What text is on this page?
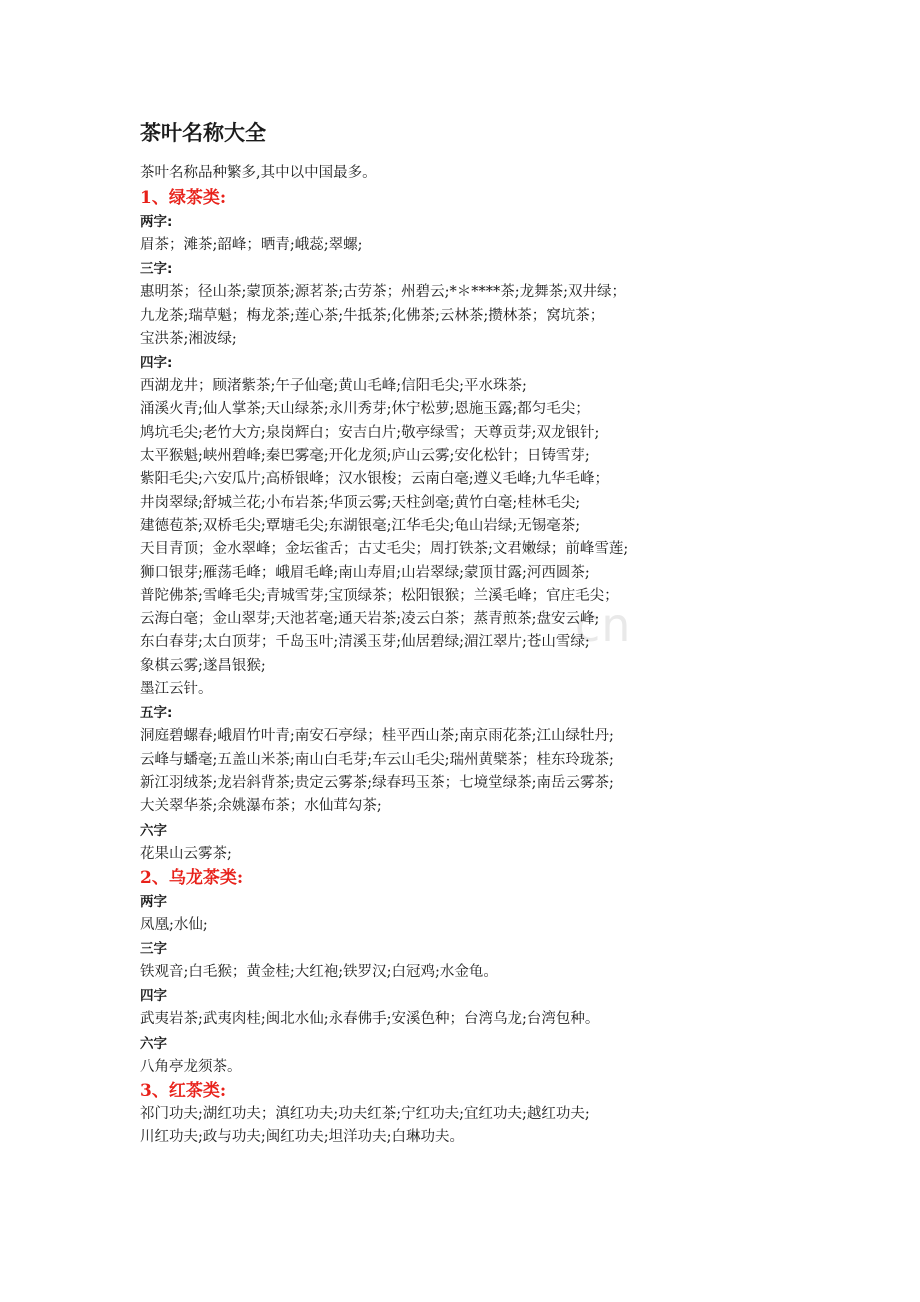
cn
茶叶名称大全

茶叶名称品种繁多,其中以中国最多。

1、绿茶类:
两字:
眉茶；滩茶;韶峰；晒青;峨蕊;翠螺;
三字:
惠明茶；径山茶;蒙顶茶;源茗茶;古劳茶；州碧云;*＊****茶;龙舞茶;双井绿；
九龙茶;瑞草魁；梅龙茶;莲心茶;牛抵茶;化佛茶;云林茶;攒林茶；窝坑茶；
宝洪茶;湘波绿;
四字:
西湖龙井；顾渚紫茶;午子仙毫;黄山毛峰;信阳毛尖;平水珠茶;
涌溪火青;仙人掌茶;天山绿茶;永川秀芽;休宁松萝;恩施玉露;都匀毛尖；
鸠坑毛尖;老竹大方;泉岗辉白；安吉白片;敬亭绿雪；天尊贡芽;双龙银针;
太平猴魁;峡州碧峰;秦巴雾毫;开化龙须;庐山云雾;安化松针；日铸雪芽;
紫阳毛尖;六安瓜片;高桥银峰；汉水银梭；云南白毫;遵义毛峰;九华毛峰；
井岗翠绿;舒城兰花;小布岩茶;华顶云雾;天柱剑毫;黄竹白毫;桂林毛尖;
建德苞茶;双桥毛尖;覃塘毛尖;东湖银毫;江华毛尖;龟山岩绿;无锡毫茶;
天目青顶；金水翠峰；金坛雀舌；古丈毛尖；周打铁茶;文君嫩绿；前峰雪莲;
狮口银芽;雁荡毛峰；峨眉毛峰;南山寿眉;山岩翠绿;蒙顶甘露;河西圆茶;
普陀佛茶;雪峰毛尖;青城雪芽;宝顶绿茶；松阳银猴；兰溪毛峰；官庄毛尖；
云海白毫；金山翠芽;天池茗毫;通天岩茶;凌云白茶；蒸青煎茶;盘安云峰;
东白春芽;太白顶芽；千岛玉叶;清溪玉芽;仙居碧绿;湄江翠片;苍山雪绿;
象棋云雾;遂昌银猴;
墨江云针。
五字:
洞庭碧螺春;峨眉竹叶青;南安石亭绿；桂平西山茶;南京雨花茶;江山绿牡丹;
云峰与蟠毫;五盖山米茶;南山白毛芽;车云山毛尖;瑞州黄檗茶；桂东玲珑茶;
新江羽绒茶;龙岩斜背茶;贵定云雾茶;绿春玛玉茶；七境堂绿茶;南岳云雾茶;
大关翠华茶;余姚瀑布茶；水仙茸勾茶;
六字
花果山云雾茶;
2、乌龙茶类:
两字
凤凰;水仙;
三字
铁观音;白毛猴；黄金桂;大红袍;铁罗汉;白冠鸡;水金龟。
四字
武夷岩茶;武夷肉桂;闽北水仙;永春佛手;安溪色种；台湾乌龙;台湾包种。
六字
八角亭龙须茶。
3、红茶类:
祁门功夫;湖红功夫；滇红功夫;功夫红茶;宁红功夫;宜红功夫;越红功夫;
川红功夫;政与功夫;闽红功夫;坦洋功夫;白琳功夫。
